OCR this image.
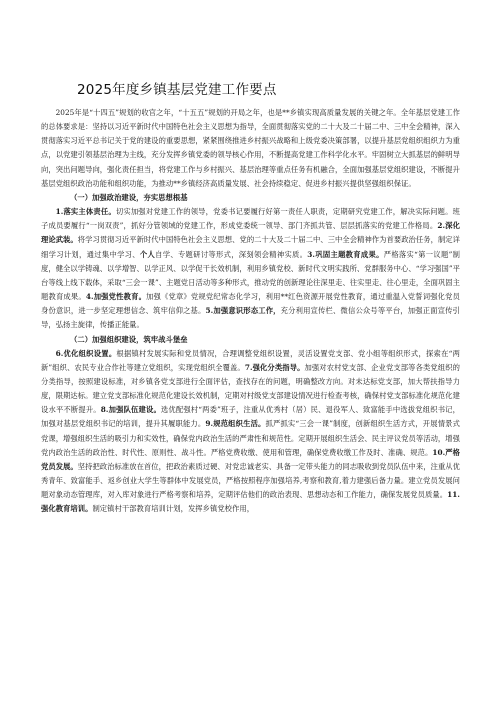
2025年度乡镇基层党建工作要点

2025年是“十四五”规划的收官之年，“十五五”规划的开局之年，也是**乡镇实现高质量发展的关键之年。全年基层党建工作的总体要求是：坚持以习近平新时代中国特色社会主义思想为指导，全面贯彻落实党的二十大及二十届二中、三中全会精神，深入贯彻落实习近平总书记关于党的建设的重要思想，紧紧围绕推进乡村振兴战略和上级党委决策部署，以提升基层党组织组织力为重点，以党建引领基层治理为主线，充分发挥乡镇党委的领导核心作用，不断提高党建工作科学化水平。牢固树立大抓基层的鲜明导向，突出问题导向，强化责任担当，将党建工作与乡村振兴、基层治理等重点任务有机融合，全面加强基层党组织建设，不断提升基层党组织政治功能和组织功能，为推动**乡镇经济高质量发展、社会持续稳定、促进乡村振兴提供坚强组织保证。

（一）加强政治建设，夯实思想根基

1.落实主体责任。切实加强对党建工作的领导，党委书记要履行好第一责任人职责，定期研究党建工作，解决实际问题。班子成员要履行“一岗双责”，抓好分管领域的党建工作，形成党委统一领导、部门齐抓共管、层层抓落实的党建工作格局。2.深化理论武装。将学习贯彻习近平新时代中国特色社会主义思想、党的二十大及二十届二中、三中全会精神作为首要政治任务，制定详细学习计划，通过集中学习、个人自学、专题研讨等形式，深刻领会精神实质。3.巩固主题教育成果。严格落实“第一议题”制度，健全以学铸魂、以学增智、以学正风、以学促干长效机制，利用乡镇党校、新时代文明实践所、党群服务中心、“学习强国”平台等线上线下载体，采取“三会一课”、主题党日活动等多种形式，推动党的创新理论往深里走、往实里走、往心里走，全面巩固主题教育成果。4.加强党性教育。加强《党章》党规党纪常态化学习，利用**红色资源开展党性教育，通过重温入党誓词强化党员身份意识，进一步坚定理想信念、筑牢信仰之基。5.加强意识形态工作，充分利用宣传栏、微信公众号等平台，加强正面宣传引导，弘扬主旋律，传播正能量。

（二）加强组织建设，筑牢战斗堡垒

6.优化组织设置。根据镇村发展实际和党员情况，合理调整党组织设置，灵活设置党支部、党小组等组织形式，探索在“两新”组织、农民专业合作社等建立党组织，实现党组织全覆盖。7.强化分类指导。加强对农村党支部、企业党支部等各类党组织的分类指导，按照建设标准，对乡镇各党支部进行全面评估，查找存在的问题，明确整改方向。对未达标党支部，加大帮扶指导力度，限期达标。建立党支部标准化规范化建设长效机制，定期对村级党支部建设情况进行检查考核，确保村党支部标准化规范化建设水平不断提升。8.加强队伍建设。选优配强村“两委”班子，注重从优秀村（居）民、退役军人、致富能手中选拔党组织书记，加强对基层党组织书记的培训，提升其履职能力。9.规范组织生活。抓严抓实“三会一课”制度，创新组织生活方式，开展情景式党课，增强组织生活的吸引力和实效性，确保党内政治生活的严肃性和规范性。定期开展组织生活会、民主评议党员等活动，增强党内政治生活的政治性、时代性、原则性、战斗性。严格党费收缴、使用和管理，确保党费收缴工作及时、准确、规范。10.严格党员发展。坚持把政治标准放在首位，把政治素质过硬、对党忠诚老实、具备一定带头能力的同志吸收到党员队伍中来，注重从优秀青年、致富能手、返乡创业大学生等群体中发展党员，严格按照程序加强培养,考察和教育,着力建强后备力量。建立党员发展问题对象动态管理库，对入库对象进行严格考察和培养，定期评估他们的政治表现、思想动态和工作能力，确保发展党员质量。11.强化教育培训。制定镇村干部教育培训计划，发挥乡镇党校作用，
